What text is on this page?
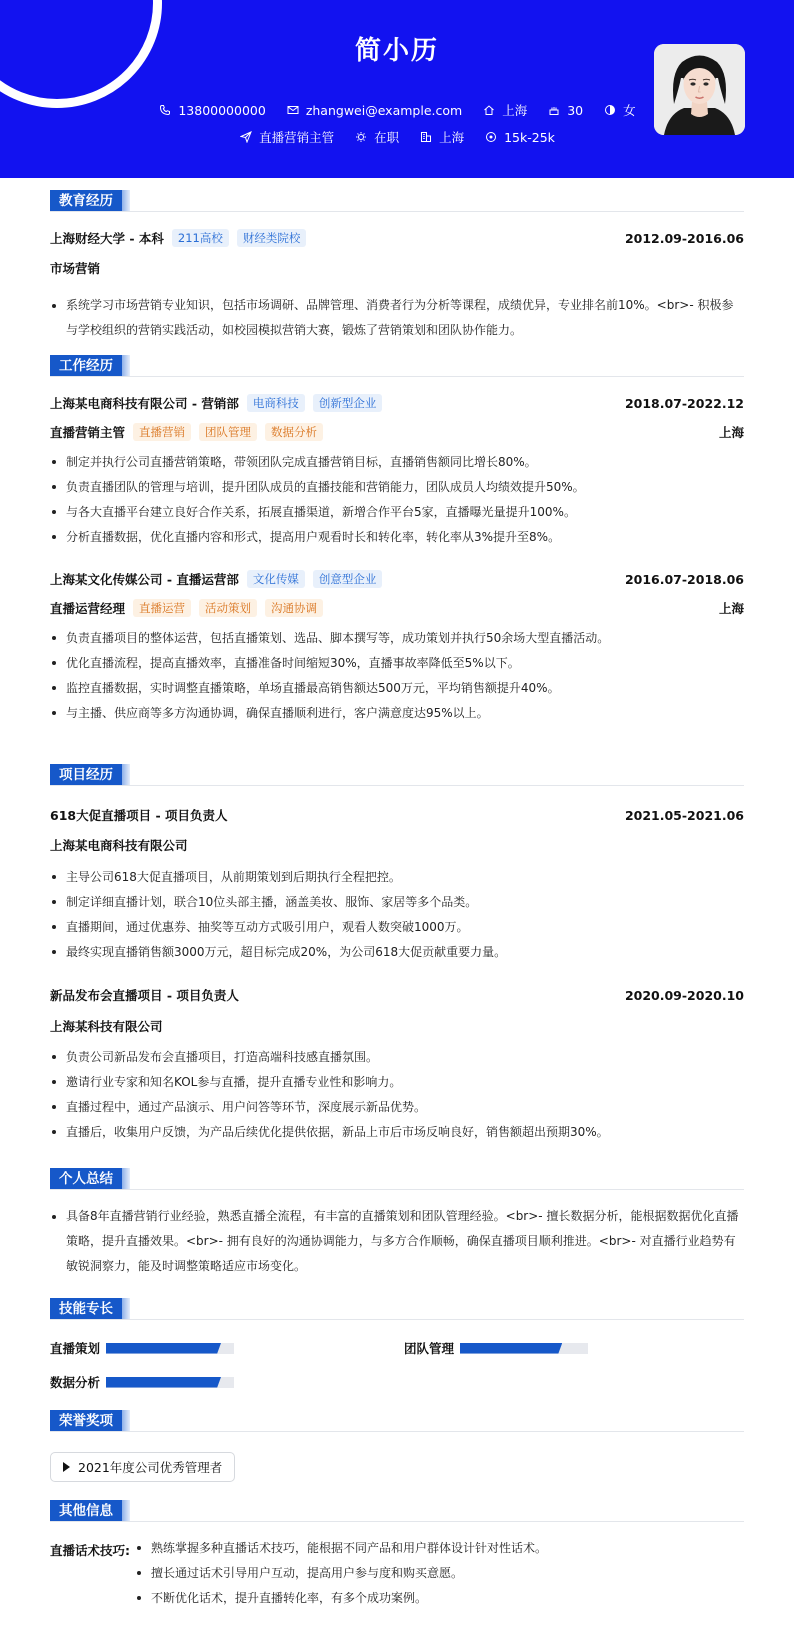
简小历
13800000000	zhangwei@example.com	上海	30	女
直播营销主管	在职	上海	15k-25k
教育经历
上海财经大学 - 本科	211高校	财经类院校	2012.09-2016.06
市场营销
系统学习市场营销专业知识，包括市场调研、品牌管理、消费者行为分析等课程，成绩优异，专业排名前10%。<br>- 积极参与学校组织的营销实践活动，如校园模拟营销大赛，锻炼了营销策划和团队协作能力。
工作经历
上海某电商科技有限公司 - 营销部	电商科技	创新型企业	2018.07-2022.12
直播营销主管	直播营销	团队管理	数据分析	上海
制定并执行公司直播营销策略，带领团队完成直播营销目标，直播销售额同比增长80%。
负责直播团队的管理与培训，提升团队成员的直播技能和营销能力，团队成员人均绩效提升50%。
与各大直播平台建立良好合作关系，拓展直播渠道，新增合作平台5家，直播曝光量提升100%。
分析直播数据，优化直播内容和形式，提高用户观看时长和转化率，转化率从3%提升至8%。
上海某文化传媒公司 - 直播运营部	文化传媒	创意型企业	2016.07-2018.06
直播运营经理	直播运营	活动策划	沟通协调	上海
负责直播项目的整体运营，包括直播策划、选品、脚本撰写等，成功策划并执行50余场大型直播活动。
优化直播流程，提高直播效率，直播准备时间缩短30%，直播事故率降低至5%以下。
监控直播数据，实时调整直播策略，单场直播最高销售额达500万元，平均销售额提升40%。
与主播、供应商等多方沟通协调，确保直播顺利进行，客户满意度达95%以上。
项目经历
618大促直播项目 - 项目负责人	2021.05-2021.06
上海某电商科技有限公司
主导公司618大促直播项目，从前期策划到后期执行全程把控。
制定详细直播计划，联合10位头部主播，涵盖美妆、服饰、家居等多个品类。
直播期间，通过优惠券、抽奖等互动方式吸引用户，观看人数突破1000万。
最终实现直播销售额3000万元，超目标完成20%，为公司618大促贡献重要力量。
新品发布会直播项目 - 项目负责人	2020.09-2020.10
上海某科技有限公司
负责公司新品发布会直播项目，打造高端科技感直播氛围。
邀请行业专家和知名KOL参与直播，提升直播专业性和影响力。
直播过程中，通过产品演示、用户问答等环节，深度展示新品优势。
直播后，收集用户反馈，为产品后续优化提供依据，新品上市后市场反响良好，销售额超出预期30%。
个人总结
具备8年直播营销行业经验，熟悉直播全流程，有丰富的直播策划和团队管理经验。<br>- 擅长数据分析，能根据数据优化直播策略，提升直播效果。<br>- 拥有良好的沟通协调能力，与多方合作顺畅，确保直播项目顺利推进。<br>- 对直播行业趋势有敏锐洞察力，能及时调整策略适应市场变化。
技能专长
直播策划	团队管理
数据分析
荣誉奖项
2021年度公司优秀管理者
其他信息
直播话术技巧:	熟练掌握多种直播话术技巧，能根据不同产品和用户群体设计针对性话术。
擅长通过话术引导用户互动，提高用户参与度和购买意愿。
不断优化话术，提升直播转化率，有多个成功案例。
